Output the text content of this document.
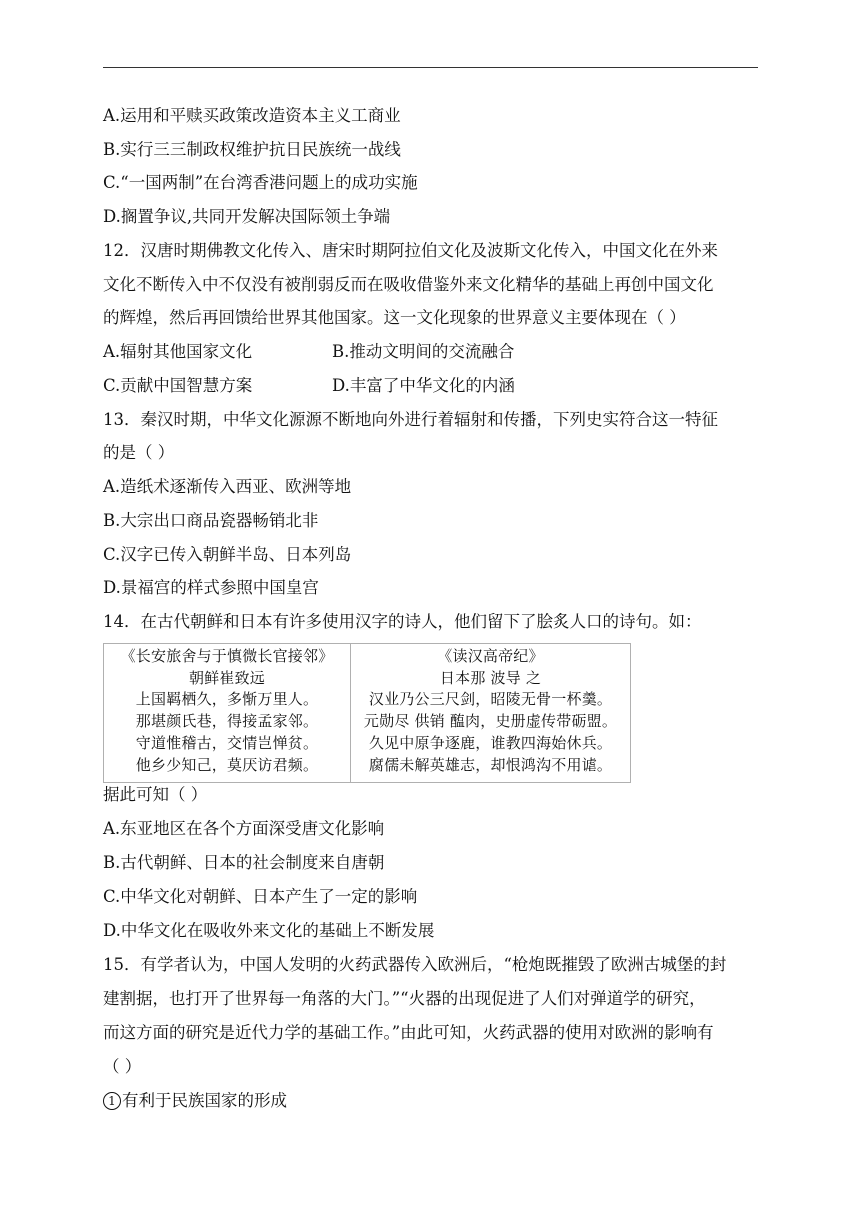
A.运用和平赎买政策改造资本主义工商业
B.实行三三制政权维护抗日民族统一战线
C.“一国两制”在台湾香港问题上的成功实施
D.搁置争议,共同开发解决国际领土争端
12．汉唐时期佛教文化传入、唐宋时期阿拉伯文化及波斯文化传入，中国文化在外来
文化不断传入中不仅没有被削弱反而在吸收借鉴外来文化精华的基础上再创中国文化
的辉煌，然后再回馈给世界其他国家。这一文化现象的世界意义主要体现在（ ）
A.辐射其他国家文化	B.推动文明间的交流融合
C.贡献中国智慧方案	D.丰富了中华文化的内涵
13．秦汉时期，中华文化源源不断地向外进行着辐射和传播，下列史实符合这一特征
的是（ ）
A.造纸术逐渐传入西亚、欧洲等地
B.大宗出口商品瓷器畅销北非
C.汉字已传入朝鲜半岛、日本列岛
D.景福宫的样式参照中国皇宫
14．在古代朝鲜和日本有许多使用汉字的诗人，他们留下了脍炙人口的诗句。如：
《长安旅舍与于慎微长官接邻》
朝鲜崔致远
上国羁栖久，多惭万里人。
那堪颜氏巷，得接孟家邻。
守道惟稽古，交情岂惮贫。
他乡少知己，莫厌访君频。
《读汉高帝纪》
日本那 波导 之
汉业乃公三尺剑，昭陵无骨一杯羹。
元勋尽 供销 醢肉，史册虚传带砺盟。
久见中原争逐鹿，谁教四海始休兵。
腐儒未解英雄志，却恨鸿沟不用谑。
据此可知（ ）
A.东亚地区在各个方面深受唐文化影响
B.古代朝鲜、日本的社会制度来自唐朝
C.中华文化对朝鲜、日本产生了一定的影响
D.中华文化在吸收外来文化的基础上不断发展
15．有学者认为，中国人发明的火药武器传入欧洲后，“枪炮既摧毁了欧洲古城堡的封
建割据，也打开了世界每一角落的大门。”“火器的出现促进了人们对弹道学的研究，
而这方面的研究是近代力学的基础工作。”由此可知，火药武器的使用对欧洲的影响有
（ ）
1 有利于民族国家的形成
